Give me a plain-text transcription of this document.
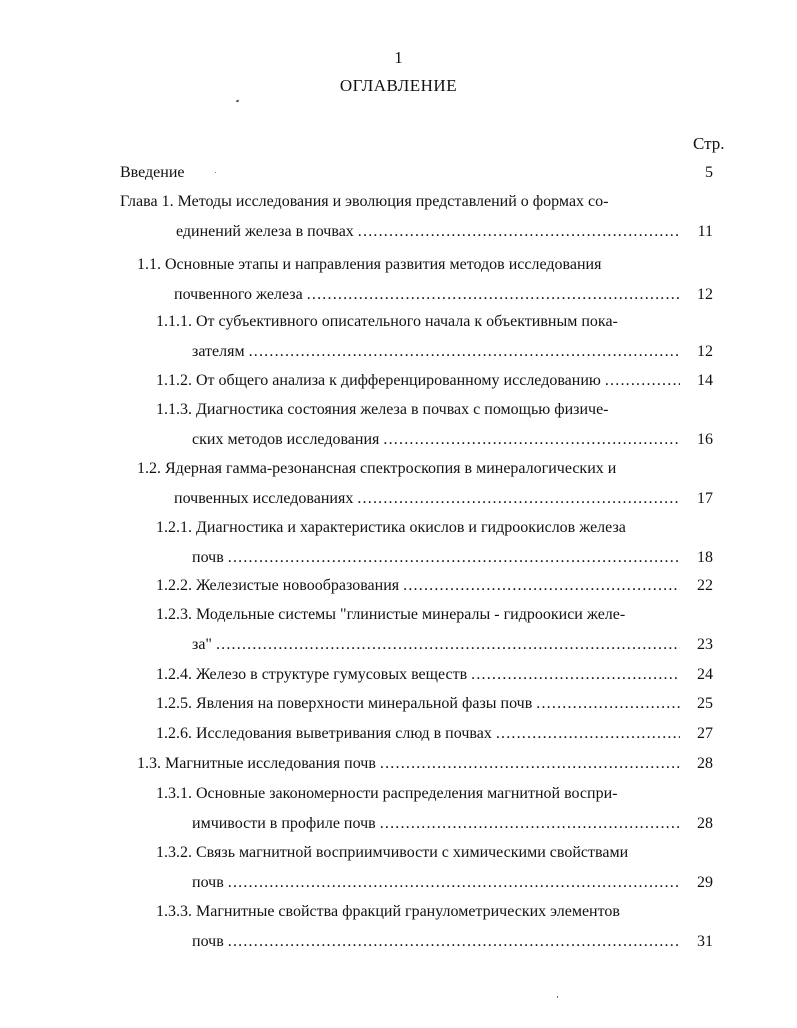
1
ОГЛАВЛЕНИЕ
Стр.
Введение	5
Глава 1. Методы исследования и эволюция представлений о формах со-
единений железа в почвах .....	11
1.1. Основные этапы и направления развития методов исследования
почвенного железа .....	12
1.1.1. От субъективного описательного начала к объективным пока-
зателям .....	12
1.1.2. От общего анализа к дифференцированному исследованию .....	14
1.1.3. Диагностика состояния железа в почвах с помощью физиче-
ских методов исследования .....	16
1.2. Ядерная гамма-резонансная спектроскопия в минералогических и
почвенных исследованиях .....	17
1.2.1. Диагностика и характеристика окислов и гидроокислов железа
почв .....	18
1.2.2. Железистые новообразования .....	22
1.2.3. Модельные системы "глинистые минералы - гидроокиси желе-
за" .....	23
1.2.4. Железо в структуре гумусовых веществ .....	24
1.2.5. Явления на поверхности минеральной фазы почв .....	25
1.2.6. Исследования выветривания слюд в почвах .....	27
1.3. Магнитные исследования почв .....	28
1.3.1. Основные закономерности распределения магнитной воспри-
имчивости в профиле почв .....	28
1.3.2. Связь магнитной восприимчивости с химическими свойствами
почв .....	29
1.3.3. Магнитные свойства фракций гранулометрических элементов
почв .....	31
